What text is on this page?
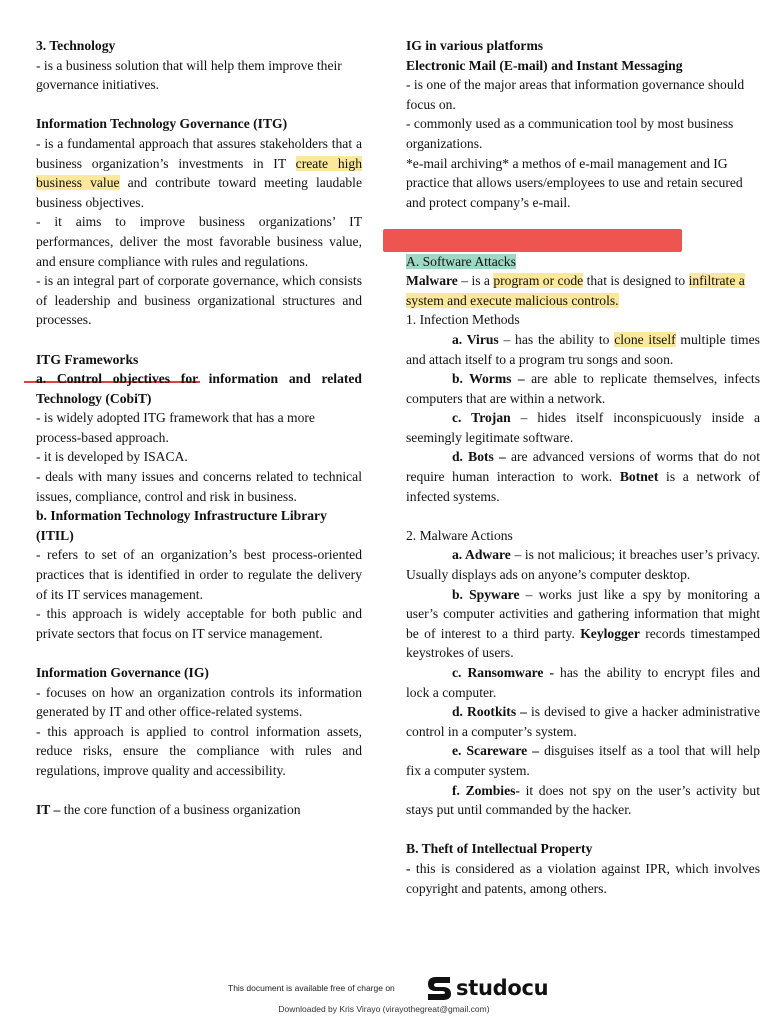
3. Technology

- is a business solution that will help them improve their governance initiatives.

Information Technology Governance (ITG)

- is a fundamental approach that assures stakeholders that a business organization’s investments in IT create high business value and contribute toward meeting laudable business objectives.

- it aims to improve business organizations’ IT performances, deliver the most favorable business value, and ensure compliance with rules and regulations.

- is an integral part of corporate governance, which consists of leadership and business organizational structures and processes.

ITG Frameworks

a. Control objectives for information and related Technology (CobiT)

- is widely adopted ITG framework that has a more process-based approach.

- it is developed by ISACA.

- deals with many issues and concerns related to technical issues, compliance, control and risk in business.

b. Information Technology Infrastructure Library (ITIL)

- refers to set of an organization’s best process-oriented practices that is identified in order to regulate the delivery of its IT services management.

- this approach is widely acceptable for both public and private sectors that focus on IT service management.

Information Governance (IG)

- focuses on how an organization controls its information generated by IT and other office-related systems.

- this approach is applied to control information assets, reduce risks, ensure the compliance with rules and regulations, improve quality and accessibility.

IT – the core function of a business organization

IG in various platforms

Electronic Mail (E-mail) and Instant Messaging

- is one of the major areas that information governance should focus on.

- commonly used as a communication tool by most business organizations.

*e-mail archiving* a methos of e-mail management and IG practice that allows users/employees to use and retain secured and protect company’s e-mail.

A. Software Attacks

Malware – is a program or code that is designed to infiltrate a system and execute malicious controls.

1. Infection Methods

a. Virus – has the ability to clone itself multiple times and attach itself to a program tru songs and soon.

b. Worms – are able to replicate themselves, infects computers that are within a network.

c. Trojan – hides itself inconspicuously inside a seemingly legitimate software.

d. Bots – are advanced versions of worms that do not require human interaction to work. Botnet is a network of infected systems.

2. Malware Actions

a. Adware – is not malicious; it breaches user’s privacy. Usually displays ads on anyone’s computer desktop.

b. Spyware – works just like a spy by monitoring a user’s computer activities and gathering information that might be of interest to a third party. Keylogger records timestamped keystrokes of users.

c. Ransomware - has the ability to encrypt files and lock a computer.

d. Rootkits – is devised to give a hacker administrative control in a computer’s system.

e. Scareware – disguises itself as a tool that will help fix a computer system.

f. Zombies- it does not spy on the user’s activity but stays put until commanded by the hacker.

B. Theft of Intellectual Property

- this is considered as a violation against IPR, which involves copyright and patents, among others.

This document is available free of charge on	studocu
Downloaded by Kris Virayo (virayothegreat@gmail.com)
